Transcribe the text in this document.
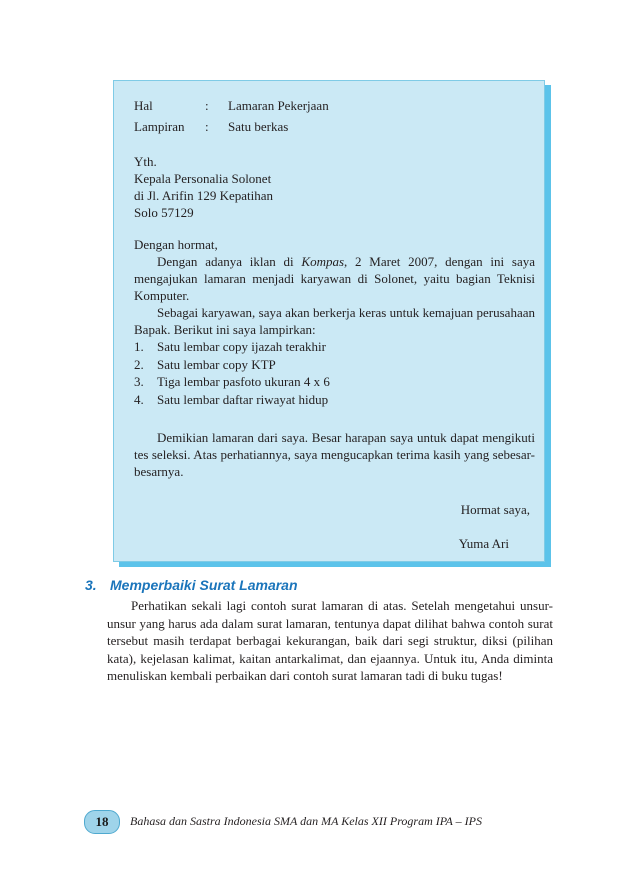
Hal	:	Lamaran Pekerjaan
Lampiran	:	Satu berkas
Yth.
Kepala Personalia Solonet
di Jl. Arifin 129 Kepatihan
Solo 57129
Dengan hormat,

Dengan adanya iklan di Kompas, 2 Maret 2007, dengan ini saya mengajukan lamaran menjadi karyawan di Solonet, yaitu bagian Teknisi Komputer.

Sebagai karyawan, saya akan berkerja keras untuk kemajuan perusahaan Bapak. Berikut ini saya lampirkan:

1.	Satu lembar copy ijazah terakhir
2.	Satu lembar copy KTP
3.	Tiga lembar pasfoto ukuran 4 x 6
4.	Satu lembar daftar riwayat hidup

Demikian lamaran dari saya. Besar harapan saya untuk dapat mengikuti tes seleksi. Atas perhatiannya, saya mengucapkan terima kasih yang sebesar-besarnya.

Hormat saya,
Yuma Ari
3. Memperbaiki Surat Lamaran

Perhatikan sekali lagi contoh surat lamaran di atas. Setelah mengetahui unsur-unsur yang harus ada dalam surat lamaran, tentunya dapat dilihat bahwa contoh surat tersebut masih terdapat berbagai kekurangan, baik dari segi struktur, diksi (pilihan kata), kejelasan kalimat, kaitan antarkalimat, dan ejaannya. Untuk itu, Anda diminta menuliskan kembali perbaikan dari contoh surat lamaran tadi di buku tugas!

18 Bahasa dan Sastra Indonesia SMA dan MA Kelas XII Program IPA – IPS
